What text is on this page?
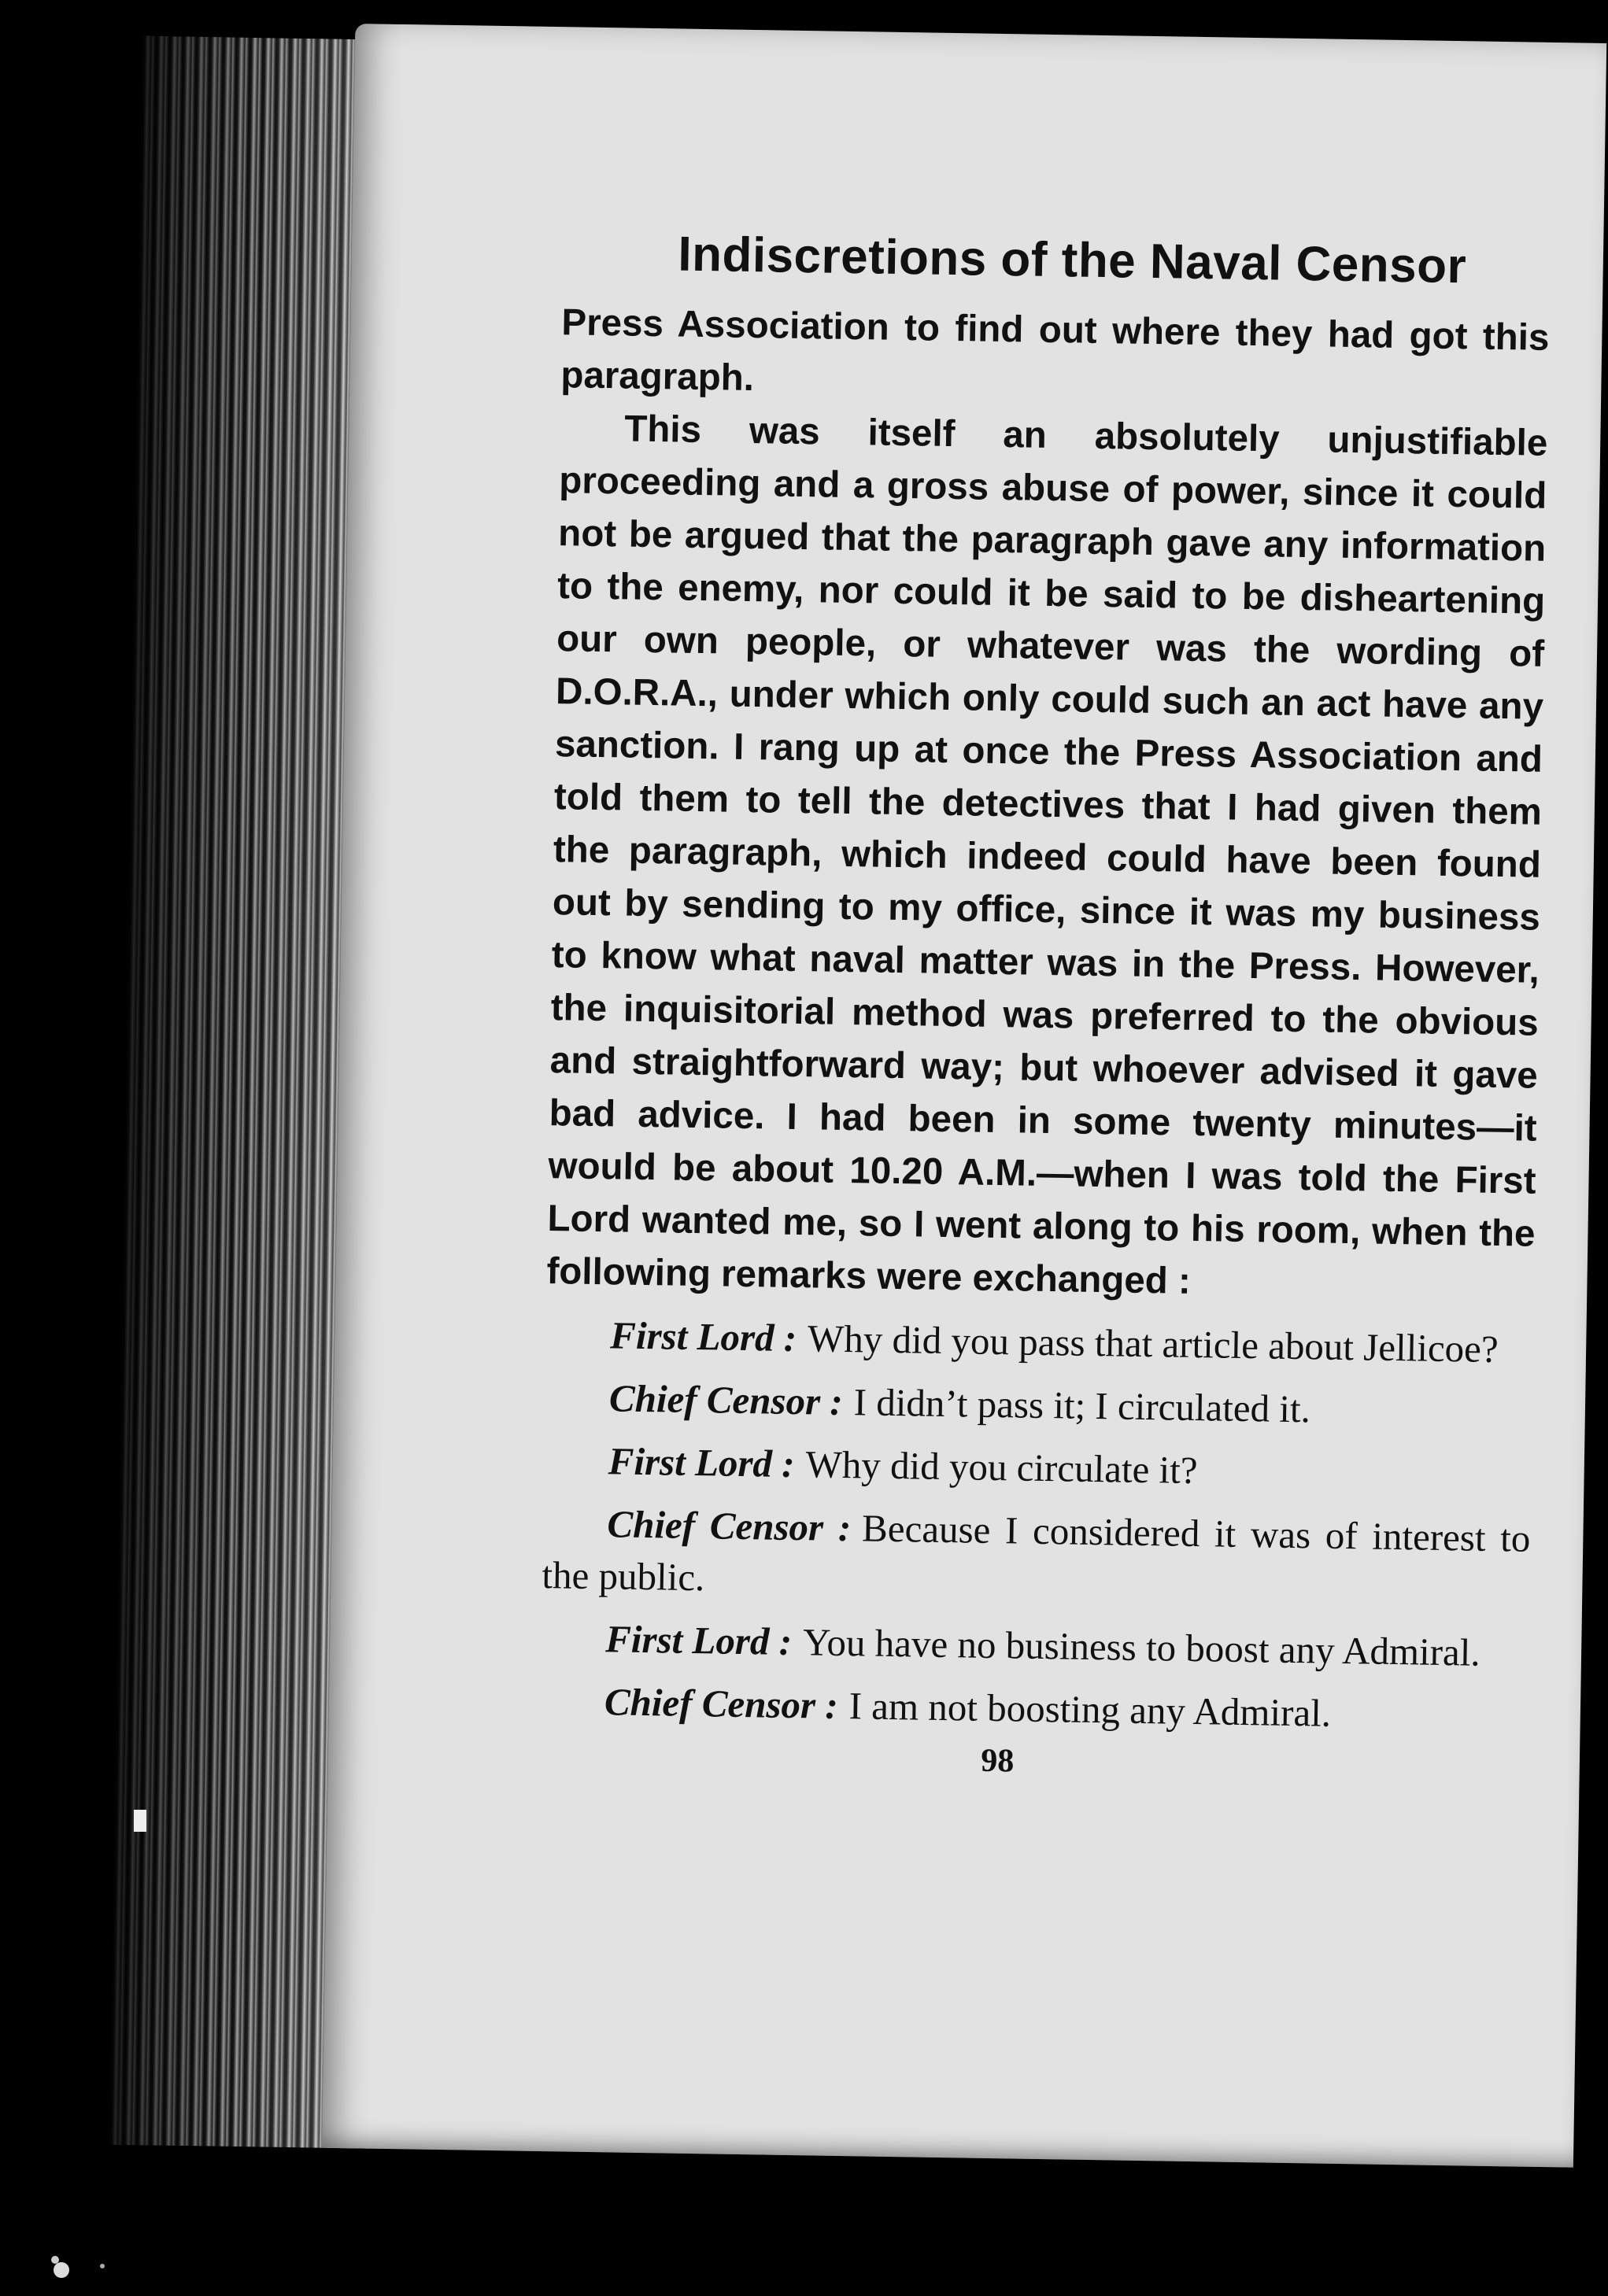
Indiscretions of the Naval Censor

Press Association to find out where they had got this paragraph.

This was itself an absolutely unjustifiable proceeding and a gross abuse of power, since it could not be argued that the paragraph gave any information to the enemy, nor could it be said to be disheartening our own people, or whatever was the wording of D.O.R.A., under which only could such an act have any sanction. I rang up at once the Press Association and told them to tell the detectives that I had given them the paragraph, which indeed could have been found out by sending to my office, since it was my business to know what naval matter was in the Press. However, the inquisitorial method was preferred to the obvious and straightforward way; but whoever advised it gave bad advice. I had been in some twenty minutes—it would be about 10.20 A.M.—when I was told the First Lord wanted me, so I went along to his room, when the following remarks were exchanged :

First Lord : Why did you pass that article about Jellicoe?

Chief Censor : I didn’t pass it; I circulated it.

First Lord : Why did you circulate it?

Chief Censor : Because I considered it was of interest to the public.

First Lord : You have no business to boost any Admiral.

Chief Censor : I am not boosting any Admiral.

98
